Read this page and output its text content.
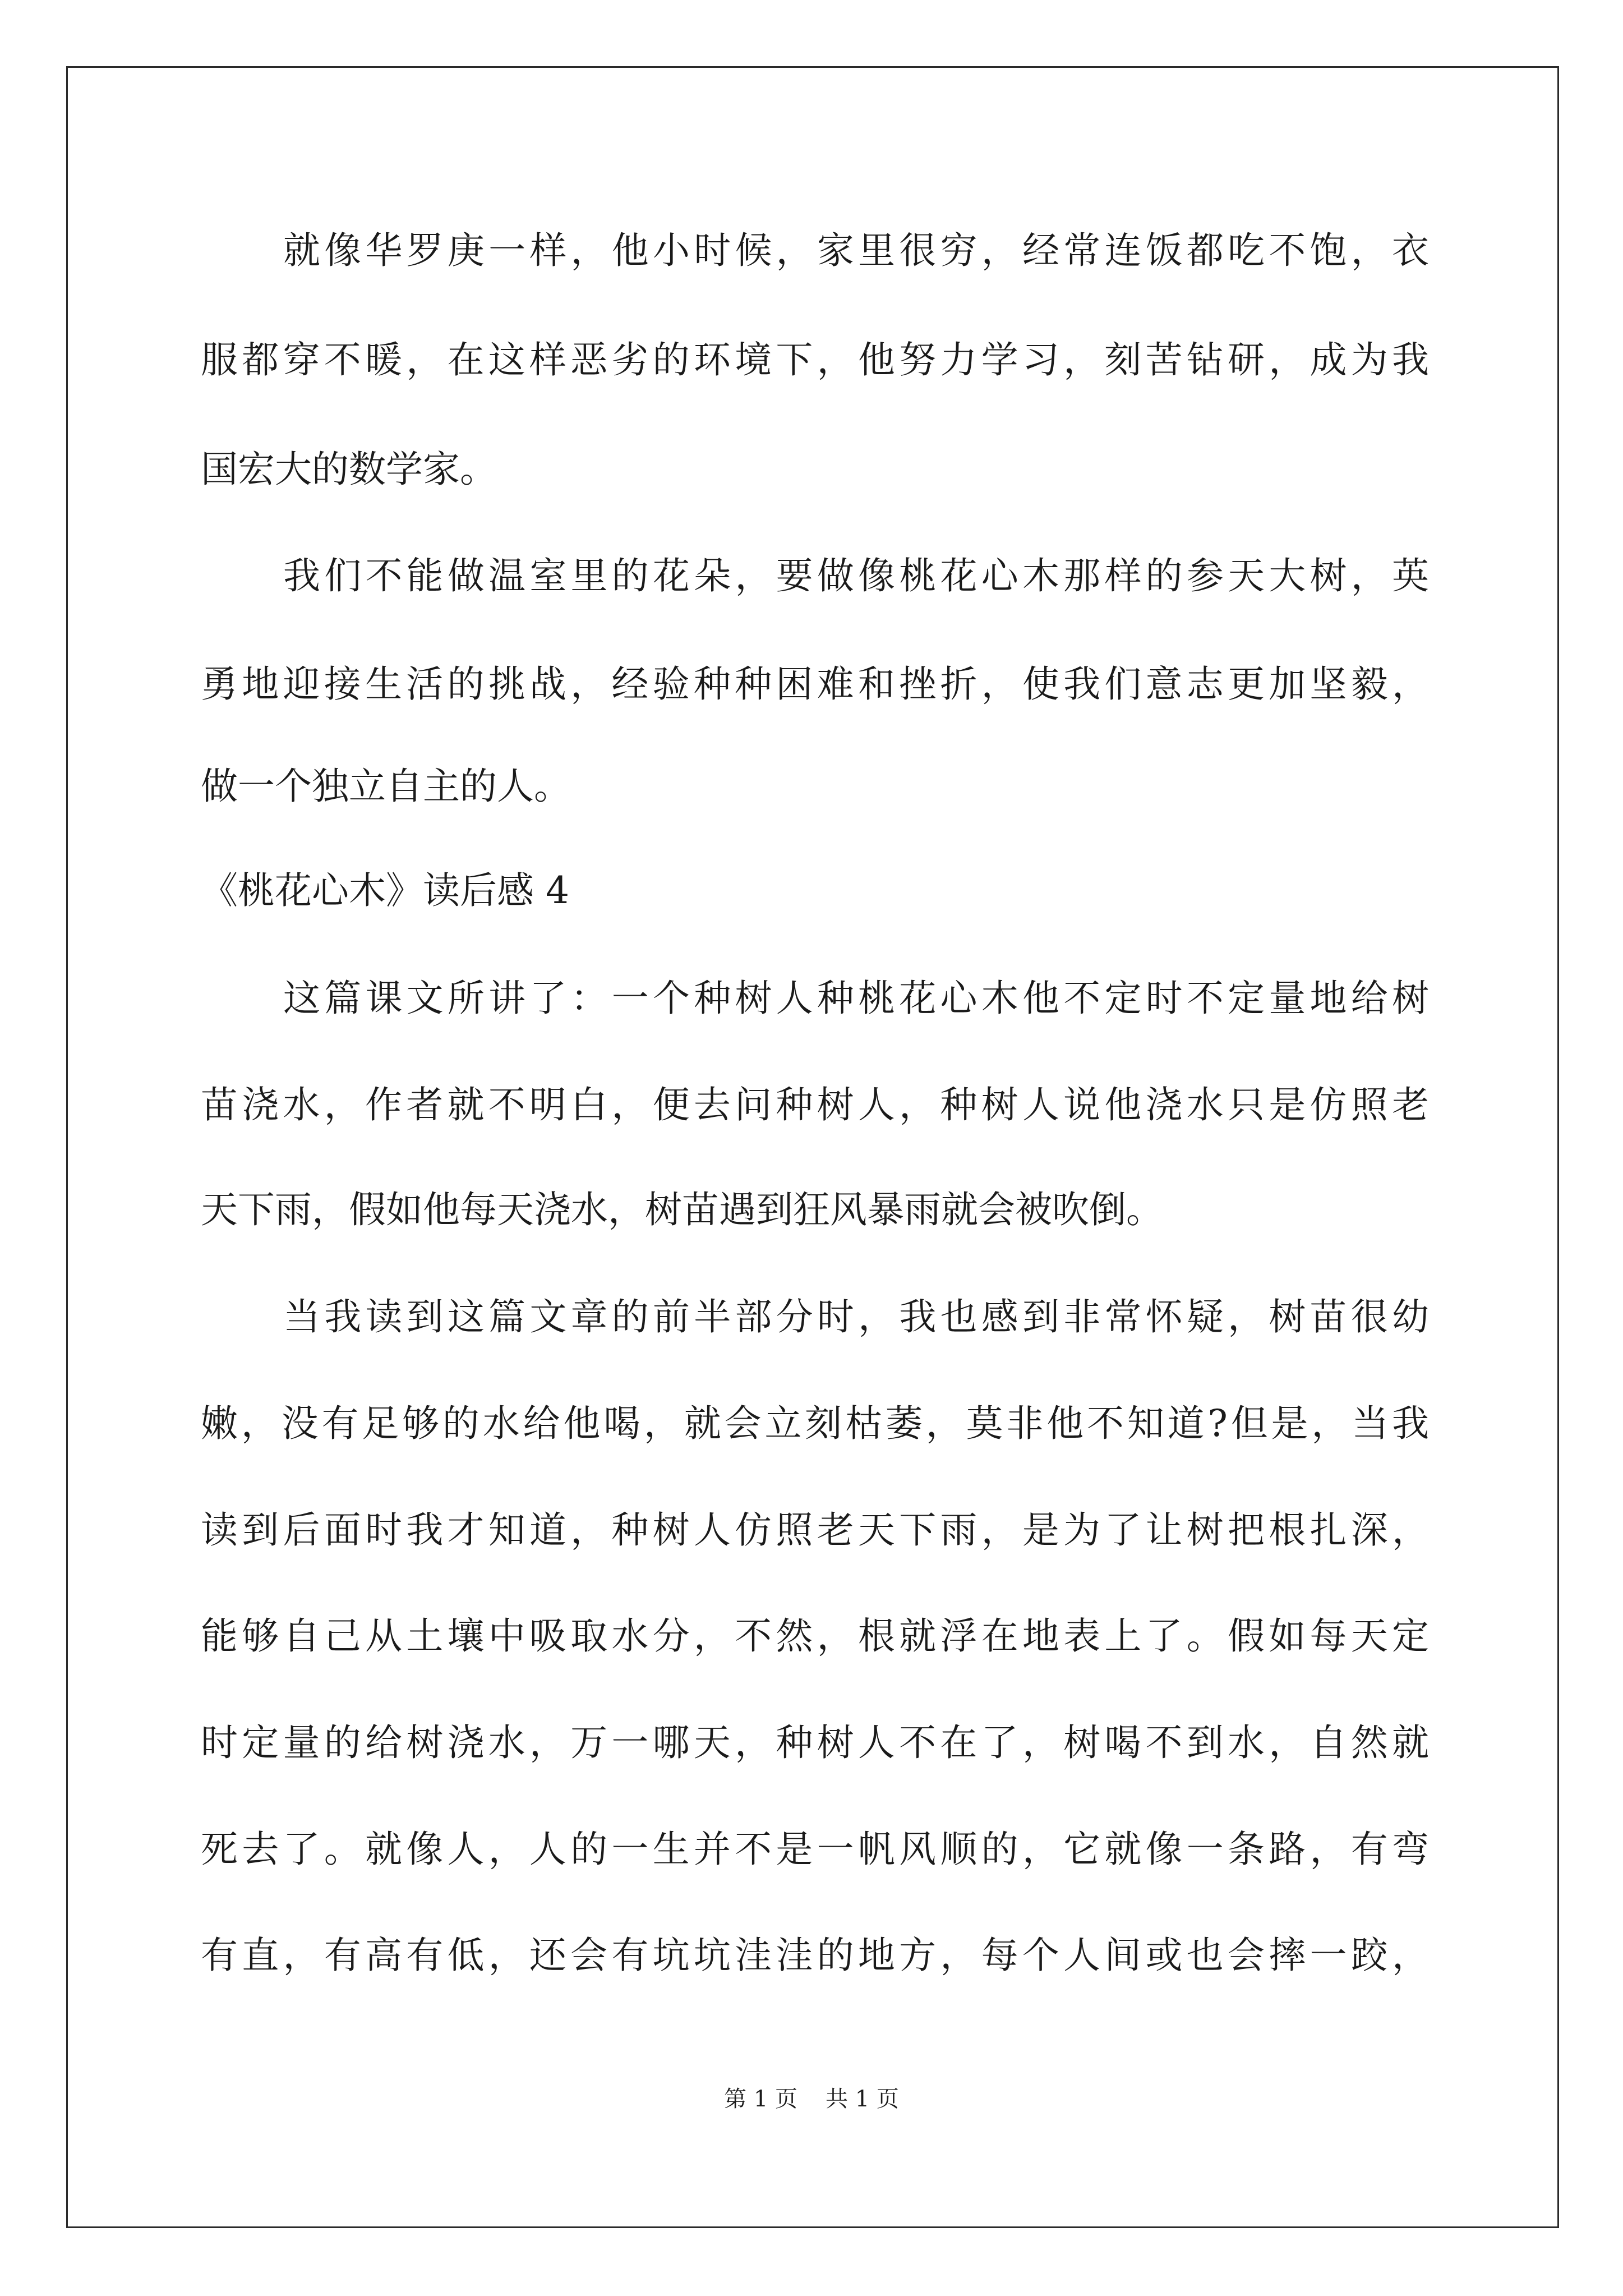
就像华罗庚一样，他小时候，家里很穷，经常连饭都吃不饱，衣
服都穿不暖，在这样恶劣的环境下，他努力学习，刻苦钻研，成为我
国宏大的数学家。
我们不能做温室里的花朵，要做像桃花心木那样的参天大树，英
勇地迎接生活的挑战，经验种种困难和挫折，使我们意志更加坚毅，
做一个独立自主的人。
《桃花心木》读后感 4
这篇课文所讲了：一个种树人种桃花心木他不定时不定量地给树
苗浇水，作者就不明白，便去问种树人，种树人说他浇水只是仿照老
天下雨，假如他每天浇水，树苗遇到狂风暴雨就会被吹倒。
当我读到这篇文章的前半部分时，我也感到非常怀疑，树苗很幼
嫩，没有足够的水给他喝，就会立刻枯萎，莫非他不知道?但是，当我
读到后面时我才知道，种树人仿照老天下雨，是为了让树把根扎深，
能够自己从土壤中吸取水分，不然，根就浮在地表上了。假如每天定
时定量的给树浇水，万一哪天，种树人不在了，树喝不到水，自然就
死去了。就像人，人的一生并不是一帆风顺的，它就像一条路，有弯
有直，有高有低，还会有坑坑洼洼的地方，每个人间或也会摔一跤，
第 1 页 共 1 页
